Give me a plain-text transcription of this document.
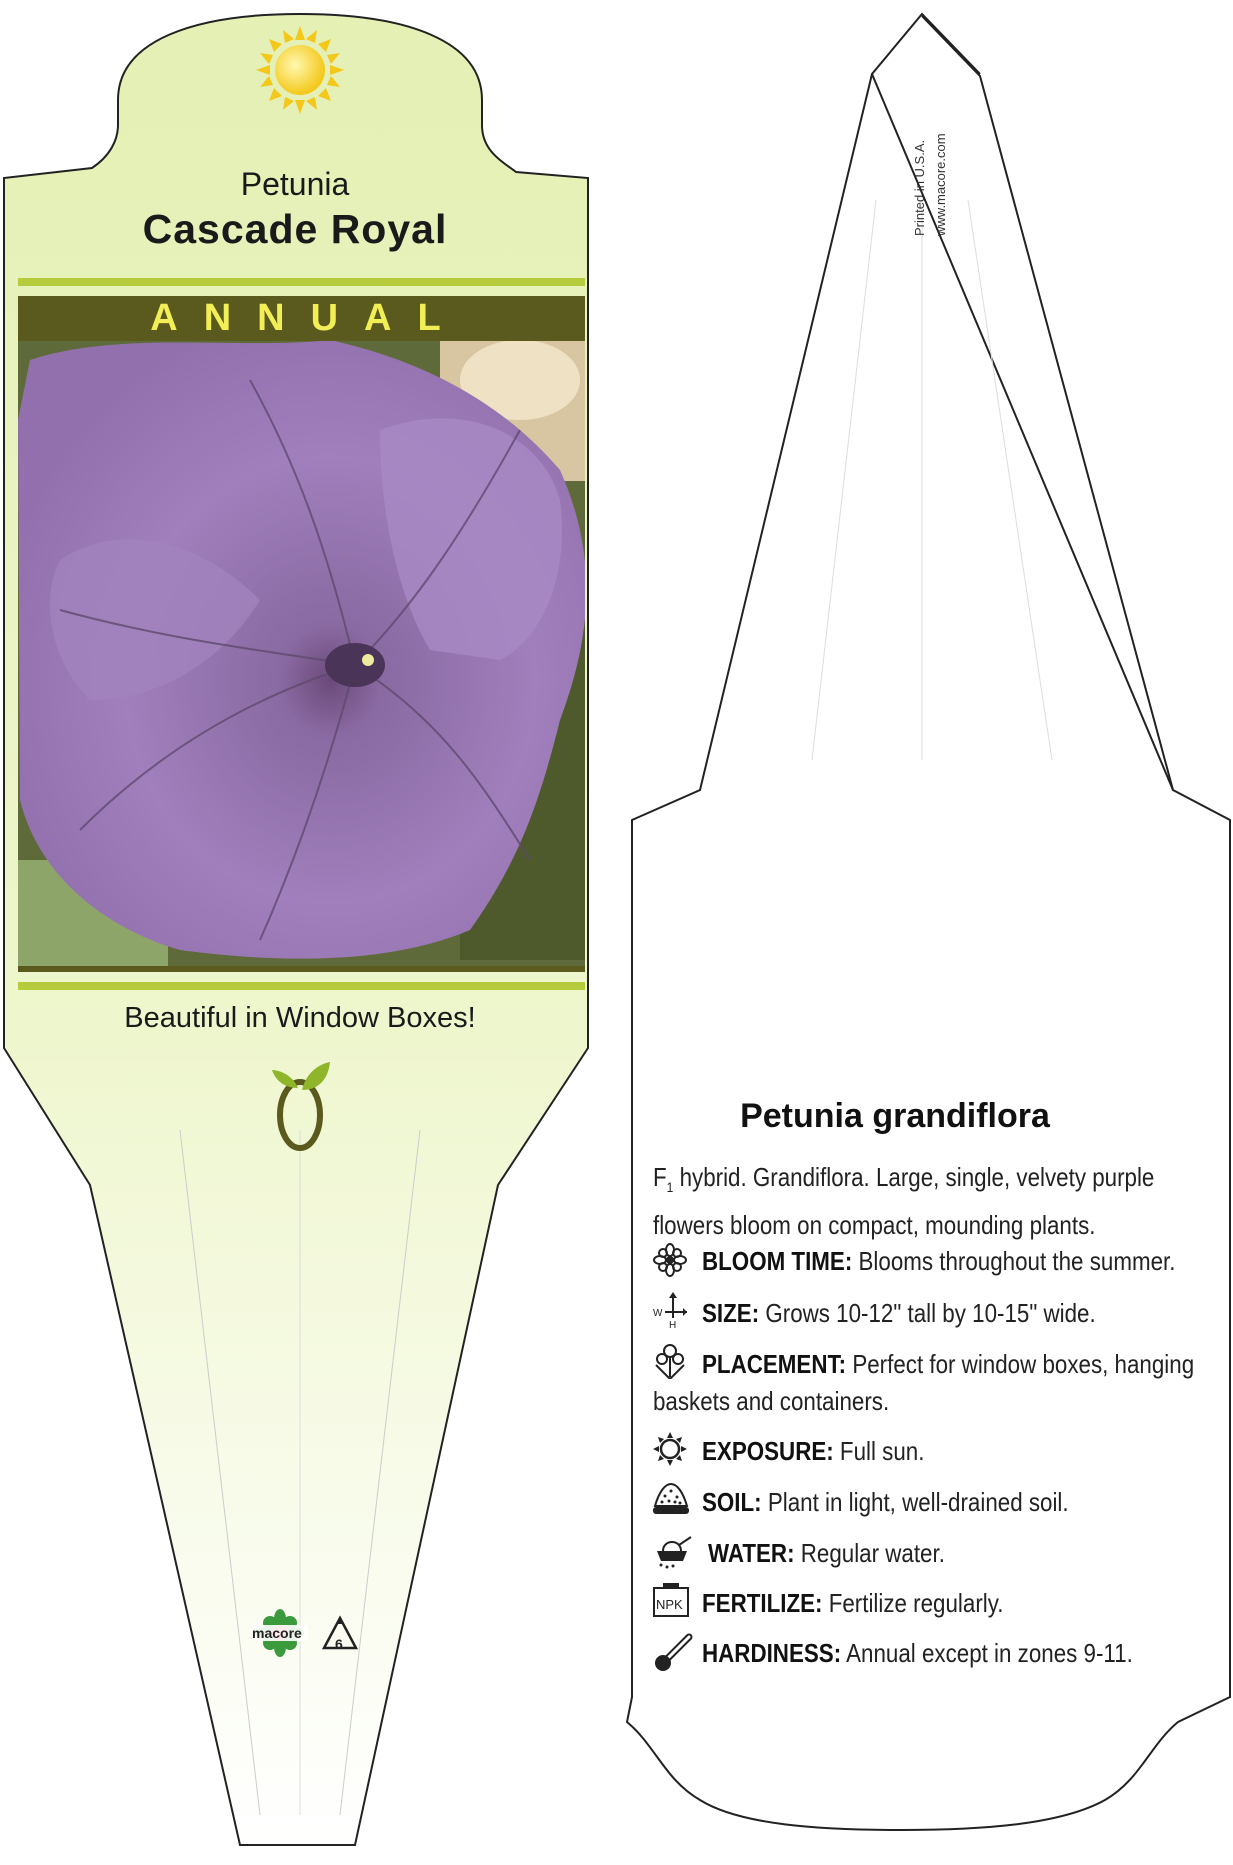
Petunia
Cascade Royal
ANNUAL
Beautiful in Window Boxes!
macore
6
Printed in U.S.A. www.macore.com
Petunia grandiflora
$F_1$ hybrid. Grandiflora. Large, single, velvety purple
flowers bloom on compact, mounding plants.
BLOOM TIME: Blooms throughout the summer.
W
H SIZE: Grows 10-12" tall by 10-15" wide.
PLACEMENT: Perfect for window boxes, hanging
baskets and containers.
EXPOSURE: Full sun.
SOIL: Plant in light, well-drained soil.
WATER: Regular water.
NPK FERTILIZE: Fertilize regularly.
HARDINESS: Annual except in zones 9-11.
